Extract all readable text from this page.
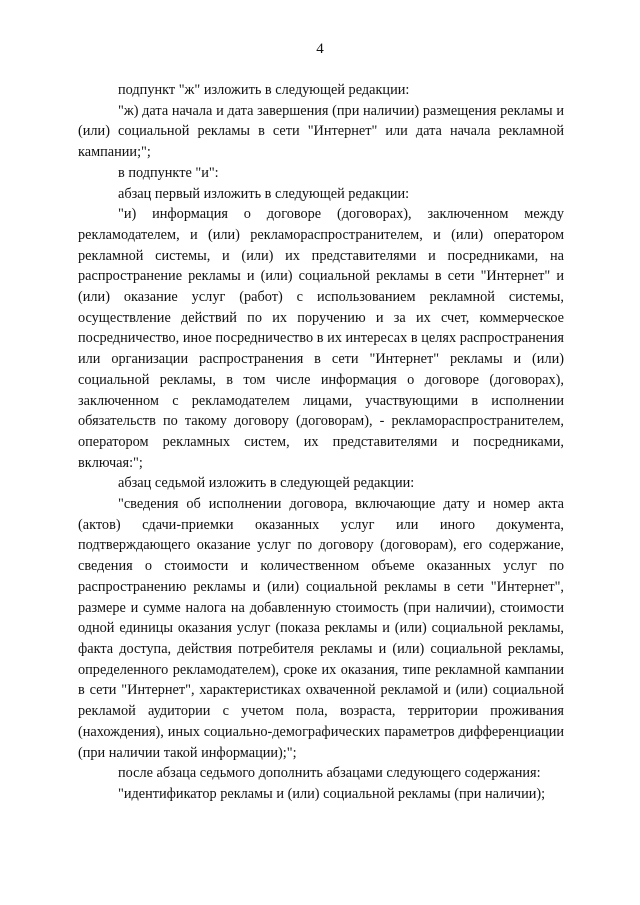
4

подпункт "ж" изложить в следующей редакции:

"ж) дата начала и дата завершения (при наличии) размещения рекламы и (или) социальной рекламы в сети "Интернет" или дата начала рекламной кампании;";

в подпункте "и":

абзац первый изложить в следующей редакции:

"и) информация о договоре (договорах), заключенном между рекламодателем, и (или) рекламораспространителем, и (или) оператором рекламной системы, и (или) их представителями и посредниками, на распространение рекламы и (или) социальной рекламы в сети "Интернет" и (или) оказание услуг (работ) с использованием рекламной системы, осуществление действий по их поручению и за их счет, коммерческое посредничество, иное посредничество в их интересах в целях распространения или организации распространения в сети "Интернет" рекламы и (или) социальной рекламы, в том числе информация о договоре (договорах), заключенном с рекламодателем лицами, участвующими в исполнении обязательств по такому договору (договорам), - рекламораспространителем, оператором рекламных систем, их представителями и посредниками, включая:";

абзац седьмой изложить в следующей редакции:

"сведения об исполнении договора, включающие дату и номер акта (актов) сдачи-приемки оказанных услуг или иного документа, подтверждающего оказание услуг по договору (договорам), его содержание, сведения о стоимости и количественном объеме оказанных услуг по распространению рекламы и (или) социальной рекламы в сети "Интернет", размере и сумме налога на добавленную стоимость (при наличии), стоимости одной единицы оказания услуг (показа рекламы и (или) социальной рекламы, факта доступа, действия потребителя рекламы и (или) социальной рекламы, определенного рекламодателем), сроке их оказания, типе рекламной кампании в сети "Интернет", характеристиках охваченной рекламой и (или) социальной рекламой аудитории с учетом пола, возраста, территории проживания (нахождения), иных социально-демографических параметров дифференциации (при наличии такой информации);";

после абзаца седьмого дополнить абзацами следующего содержания:

"идентификатор рекламы и (или) социальной рекламы (при наличии);
